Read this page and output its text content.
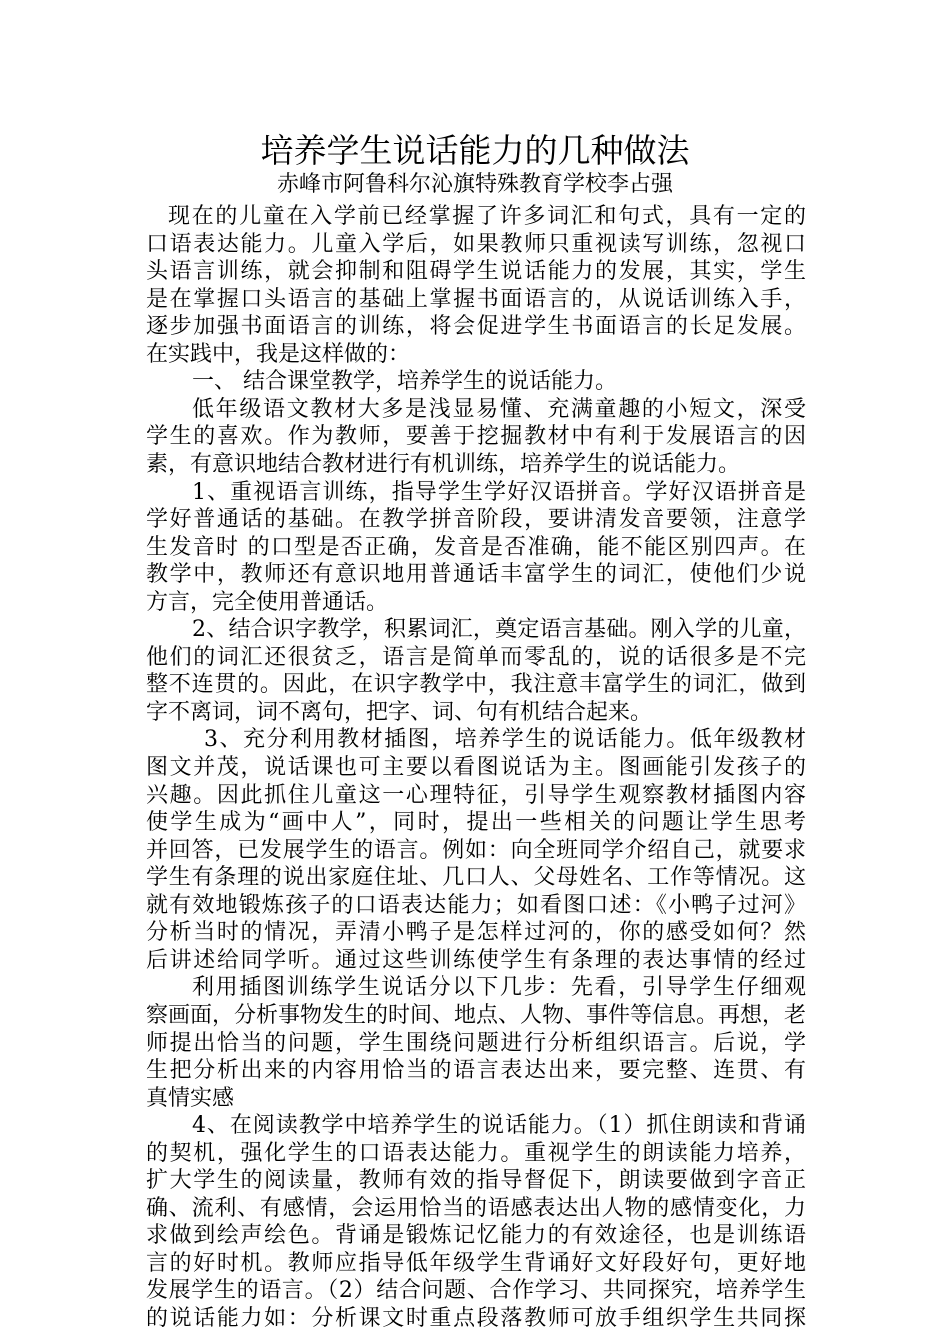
培养学生说话能力的几种做法
赤峰市阿鲁科尔沁旗特殊教育学校李占强
现在的儿童在入学前已经掌握了许多词汇和句式，具有一定的
口语表达能力。儿童入学后，如果教师只重视读写训练，忽视口
头语言训练，就会抑制和阻碍学生说话能力的发展，其实，学生
是在掌握口头语言的基础上掌握书面语言的，从说话训练入手，
逐步加强书面语言的训练，将会促进学生书面语言的长足发展。
在实践中，我是这样做的：
一、 结合课堂教学，培养学生的说话能力。
低年级语文教材大多是浅显易懂、充满童趣的小短文，深受
学生的喜欢。作为教师，要善于挖掘教材中有利于发展语言的因
素，有意识地结合教材进行有机训练，培养学生的说话能力。
1、重视语言训练，指导学生学好汉语拼音。学好汉语拼音是
学好普通话的基础。在教学拼音阶段，要讲清发音要领，注意学
生发音时 的口型是否正确，发音是否准确，能不能区别四声。在
教学中，教师还有意识地用普通话丰富学生的词汇，使他们少说
方言，完全使用普通话。
2、结合识字教学，积累词汇，奠定语言基础。刚入学的儿童，
他们的词汇还很贫乏，语言是简单而零乱的，说的话很多是不完
整不连贯的。因此，在识字教学中，我注意丰富学生的词汇，做到
字不离词，词不离句，把字、词、句有机结合起来。
3、充分利用教材插图，培养学生的说话能力。低年级教材
图文并茂，说话课也可主要以看图说话为主。图画能引发孩子的
兴趣。因此抓住儿童这一心理特征，引导学生观察教材插图内容
使学生成为“画中人”，同时，提出一些相关的问题让学生思考
并回答，已发展学生的语言。例如：向全班同学介绍自己，就要求
学生有条理的说出家庭住址、几口人、父母姓名、工作等情况。这
就有效地锻炼孩子的口语表达能力；如看图口述：《小鸭子过河》
分析当时的情况，弄清小鸭子是怎样过河的，你的感受如何？然
后讲述给同学听。通过这些训练使学生有条理的表达事情的经过
利用插图训练学生说话分以下几步：先看，引导学生仔细观
察画面，分析事物发生的时间、地点、人物、事件等信息。再想，老
师提出恰当的问题，学生围绕问题进行分析组织语言。后说，学
生把分析出来的内容用恰当的语言表达出来，要完整、连贯、有
真情实感
4、在阅读教学中培养学生的说话能力。（1）抓住朗读和背诵
的契机，强化学生的口语表达能力。重视学生的朗读能力培养，
扩大学生的阅读量，教师有效的指导督促下，朗读要做到字音正
确、流利、有感情，会运用恰当的语感表达出人物的感情变化，力
求做到绘声绘色。背诵是锻炼记忆能力的有效途径，也是训练语
言的好时机。教师应指导低年级学生背诵好文好段好句，更好地
发展学生的语言。（2）结合问题、合作学习、共同探究，培养学生
的说话能力如：分析课文时重点段落教师可放手组织学生共同探
